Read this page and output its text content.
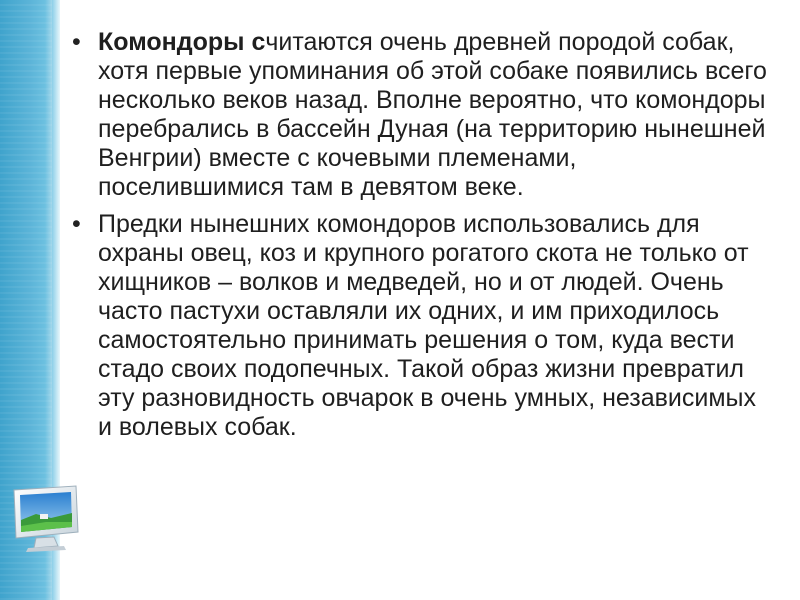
• Комондоры считаются очень древней породой собак, хотя первые упоминания об этой собаке появились всего несколько веков назад. Вполне вероятно, что комондоры перебрались в бассейн Дуная (на территорию нынешней Венгрии) вместе с кочевыми племенами, поселившимися там в девятом веке.
• Предки нынешних комондоров использовались для охраны овец, коз и крупного рогатого скота не только от хищников – волков и медведей, но и от людей. Очень часто пастухи оставляли их одних, и им приходилось самостоятельно принимать решения о том, куда вести стадо своих подопечных. Такой образ жизни превратил эту разновидность овчарок в очень умных, независимых и волевых собак.
